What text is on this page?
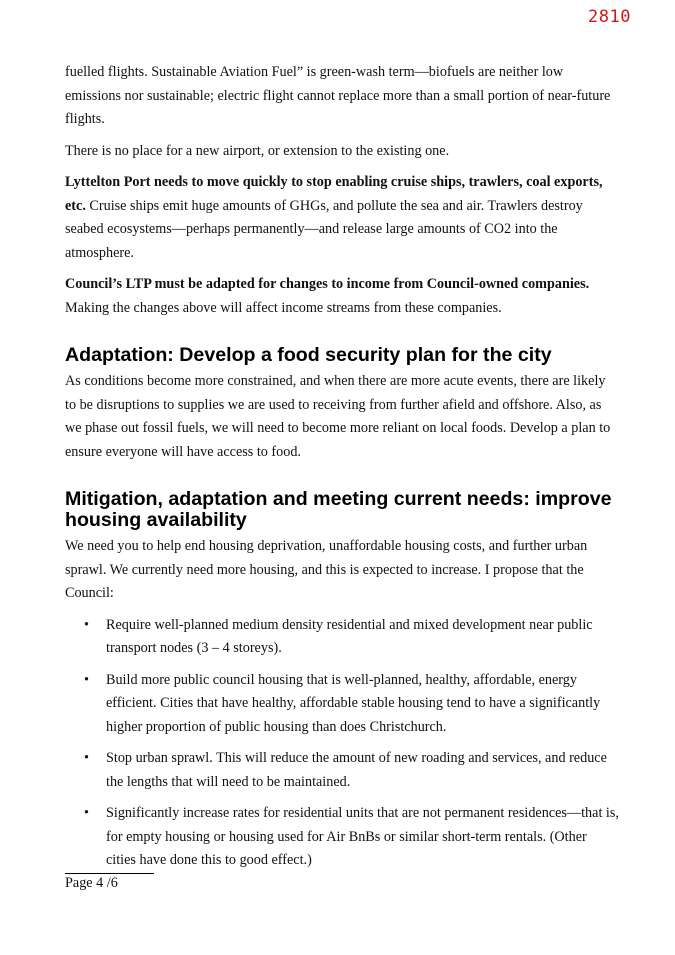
2810

fuelled flights. Sustainable Aviation Fuel” is green-wash term—biofuels are neither low emissions nor sustainable; electric flight cannot replace more than a small portion of near-future flights.

There is no place for a new airport, or extension to the existing one.

Lyttelton Port needs to move quickly to stop enabling cruise ships, trawlers, coal exports, etc. Cruise ships emit huge amounts of GHGs, and pollute the sea and air. Trawlers destroy seabed ecosystems—perhaps permanently—and release large amounts of CO2 into the atmosphere.

Council’s LTP must be adapted for changes to income from Council-owned companies. Making the changes above will affect income streams from these companies.

Adaptation: Develop a food security plan for the city

As conditions become more constrained, and when there are more acute events, there are likely to be disruptions to supplies we are used to receiving from further afield and offshore. Also, as we phase out fossil fuels, we will need to become more reliant on local foods. Develop a plan to ensure everyone will have access to food.

Mitigation, adaptation and meeting current needs: improve housing availability

We need you to help end housing deprivation, unaffordable housing costs, and further urban sprawl. We currently need more housing, and this is expected to increase. I propose that the Council:

• Require well-planned medium density residential and mixed development near public transport nodes (3 – 4 storeys).
• Build more public council housing that is well-planned, healthy, affordable, energy efficient. Cities that have healthy, affordable stable housing tend to have a significantly higher proportion of public housing than does Christchurch.
• Stop urban sprawl. This will reduce the amount of new roading and services, and reduce the lengths that will need to be maintained.
• Significantly increase rates for residential units that are not permanent residences—that is, for empty housing or housing used for Air BnBs or similar short-term rentals. (Other cities have done this to good effect.)
Page 4 /6
